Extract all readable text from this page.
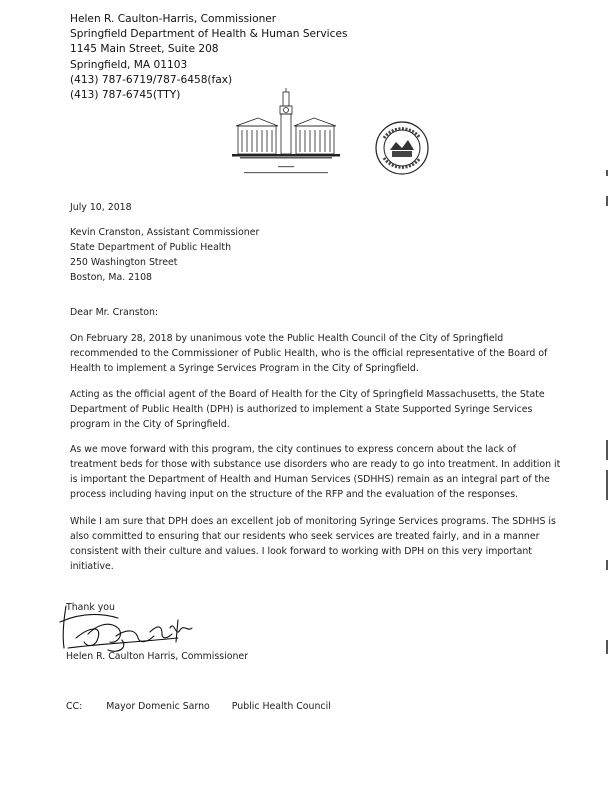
Helen R. Caulton-Harris, Commissioner
Springfield Department of Health & Human Services
1145 Main Street, Suite 208
Springfield, MA 01103
(413) 787-6719/787-6458(fax)
(413) 787-6745(TTY)
July 10, 2018
Kevin Cranston, Assistant Commissioner
State Department of Public Health
250 Washington Street
Boston, Ma. 2108
Dear Mr. Cranston:
On February 28, 2018 by unanimous vote the Public Health Council of the City of Springfield
recommended to the Commissioner of Public Health, who is the official representative of the Board of
Health to implement a Syringe Services Program in the City of Springfield.
Acting as the official agent of the Board of Health for the City of Springfield Massachusetts, the State
Department of Public Health (DPH) is authorized to implement a State Supported Syringe Services
program in the City of Springfield.
As we move forward with this program, the city continues to express concern about the lack of
treatment beds for those with substance use disorders who are ready to go into treatment. In addition it
is important the Department of Health and Human Services (SDHHS) remain as an integral part of the
process including having input on the structure of the RFP and the evaluation of the responses.
While I am sure that DPH does an excellent job of monitoring Syringe Services programs. The SDHHS is
also committed to ensuring that our residents who seek services are treated fairly, and in a manner
consistent with their culture and values. I look forward to working with DPH on this very important
initiative.
Thank you
Helen R. Caulton Harris, Commissioner
CC:	Mayor Domenic Sarno Public Health Council
